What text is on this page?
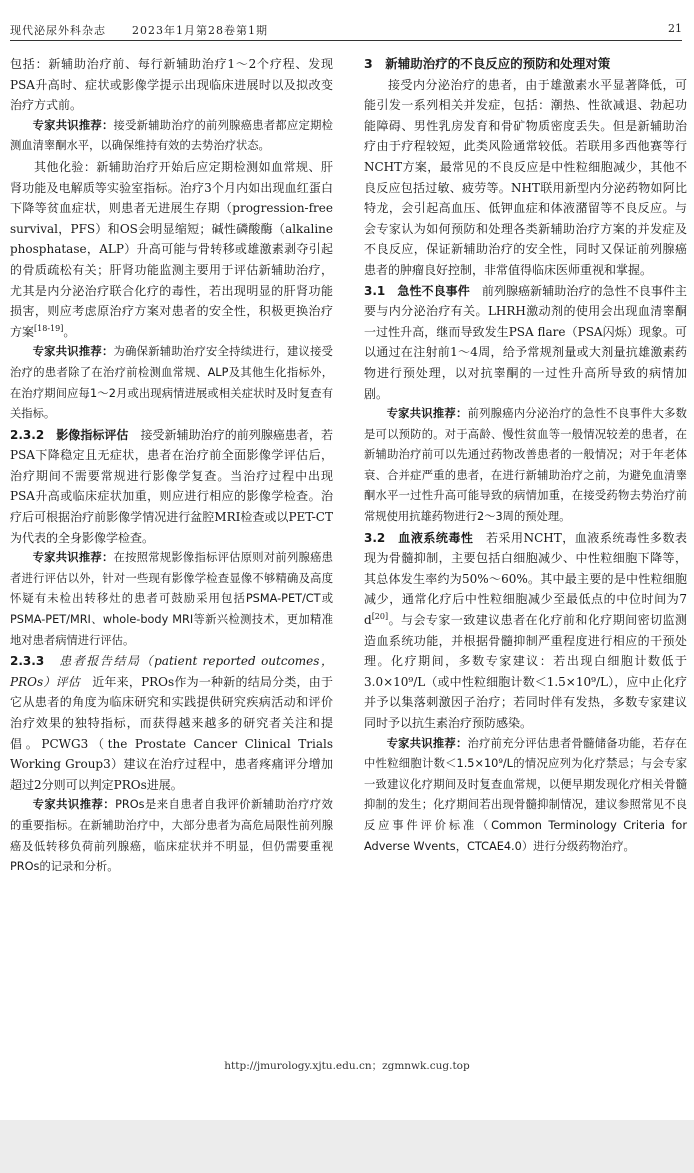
现代泌尿外科杂志 2023年1月第28卷第1期	21

包括：新辅助治疗前、每行新辅助治疗1～2个疗程、发现PSA升高时、症状或影像学提示出现临床进展时以及拟改变治疗方式前。

专家共识推荐：接受新辅助治疗的前列腺癌患者都应定期检测血清睾酮水平，以确保维持有效的去势治疗状态。

其他化验：新辅助治疗开始后应定期检测如血常规、肝肾功能及电解质等实验室指标。治疗3个月内如出现血红蛋白下降等贫血症状，则患者无进展生存期（progression-free survival，PFS）和OS会明显缩短；碱性磷酸酶（alkaline phosphatase，ALP）升高可能与骨转移或雄激素剥夺引起的骨质疏松有关；肝肾功能监测主要用于评估新辅助治疗，尤其是内分泌治疗联合化疗的毒性，若出现明显的肝肾功能损害，则应考虑原治疗方案对患者的安全性，积极更换治疗方案[18-19]。

专家共识推荐：为确保新辅助治疗安全持续进行，建议接受治疗的患者除了在治疗前检测血常规、ALP及其他生化指标外，在治疗期间应每1～2月或出现病情进展或相关症状时及时复查有关指标。

2.3.2　 影像指标评估　 接受新辅助治疗的前列腺癌患者，若PSA下降稳定且无症状，患者在治疗前全面影像学评估后，治疗期间不需要常规进行影像学复查。当治疗过程中出现PSA升高或临床症状加重，则应进行相应的影像学检查。治疗后可根据治疗前影像学情况进行盆腔MRI检查或以PET-CT为代表的全身影像学检查。

专家共识推荐：在按照常规影像指标评估原则对前列腺癌患者进行评估以外，针对一些现有影像学检查显像不够精确及高度怀疑有未检出转移灶的患者可鼓励采用包括PSMA-PET/CT或PSMA-PET/MRI、whole-body MRI等新兴检测技术，更加精准地对患者病情进行评估。

2.3.3　 患者报告结局（patient reported outcomes，PROs）评估　 近年来，PROs作为一种新的结局分类，由于它从患者的角度为临床研究和实践提供研究疾病活动和评价治疗效果的独特指标，而获得越来越多的研究者关注和提倡。PCWG3（the Prostate Cancer Clinical Trials Working Group3）建议在治疗过程中，患者疼痛评分增加超过2分则可以判定PROs进展。

专家共识推荐：PROs是来自患者自我评价新辅助治疗疗效的重要指标。在新辅助治疗中，大部分患者为高危局限性前列腺癌及低转移负荷前列腺癌，临床症状并不明显，但仍需要重视PROs的记录和分析。

3　新辅助治疗的不良反应的预防和处理对策

接受内分泌治疗的患者，由于雄激素水平显著降低，可能引发一系列相关并发症，包括：潮热、性欲减退、勃起功能障碍、男性乳房发育和骨矿物质密度丢失。但是新辅助治疗由于疗程较短，此类风险通常较低。若联用多西他赛等行NCHT方案，最常见的不良反应是中性粒细胞减少，其他不良反应包括过敏、疲劳等。NHT联用新型内分泌药物如阿比特龙，会引起高血压、低钾血症和体液潴留等不良反应。与会专家认为如何预防和处理各类新辅助治疗方案的并发症及不良反应，保证新辅助治疗的安全性，同时又保证前列腺癌患者的肿瘤良好控制，非常值得临床医师重视和掌握。

3.1　急性不良事件　 前列腺癌新辅助治疗的急性不良事件主要与内分泌治疗有关。LHRH激动剂的使用会出现血清睾酮一过性升高，继而导致发生PSA flare（PSA闪烁）现象。可以通过在注射前1～4周，给予常规剂量或大剂量抗雄激素药物进行预处理，以对抗睾酮的一过性升高所导致的病情加剧。

专家共识推荐：前列腺癌内分泌治疗的急性不良事件大多数是可以预防的。对于高龄、慢性贫血等一般情况较差的患者，在新辅助治疗前可以先通过药物改善患者的一般情况；对于年老体衰、合并症严重的患者，在进行新辅助治疗之前，为避免血清睾酮水平一过性升高可能导致的病情加重，在接受药物去势治疗前常规使用抗雄药物进行2～3周的预处理。

3.2　血液系统毒性　 若采用NCHT，血液系统毒性多数表现为骨髓抑制，主要包括白细胞减少、中性粒细胞下降等，其总体发生率约为50%～60%。其中最主要的是中性粒细胞减少，通常化疗后中性粒细胞减少至最低点的中位时间为7 d[20]。与会专家一致建议患者在化疗前和化疗期间密切监测造血系统功能，并根据骨髓抑制严重程度进行相应的干预处理。化疗期间，多数专家建议：若出现白细胞计数低于3.0×10⁹/L（或中性粒细胞计数＜1.5×10⁹/L），应中止化疗并予以集落刺激因子治疗；若同时伴有发热，多数专家建议同时予以抗生素治疗预防感染。

专家共识推荐：治疗前充分评估患者骨髓储备功能，若存在中性粒细胞计数＜1.5×10⁹/L的情况应列为化疗禁忌；与会专家一致建议化疗期间及时复查血常规，以便早期发现化疗相关骨髓抑制的发生；化疗期间若出现骨髓抑制情况，建议参照常见不良反应事件评价标准（Common Terminology Criteria for Adverse Wvents，CTCAE4.0）进行分级药物治疗。

http://jmurology.xjtu.edu.cn；zgmnwk.cug.top
